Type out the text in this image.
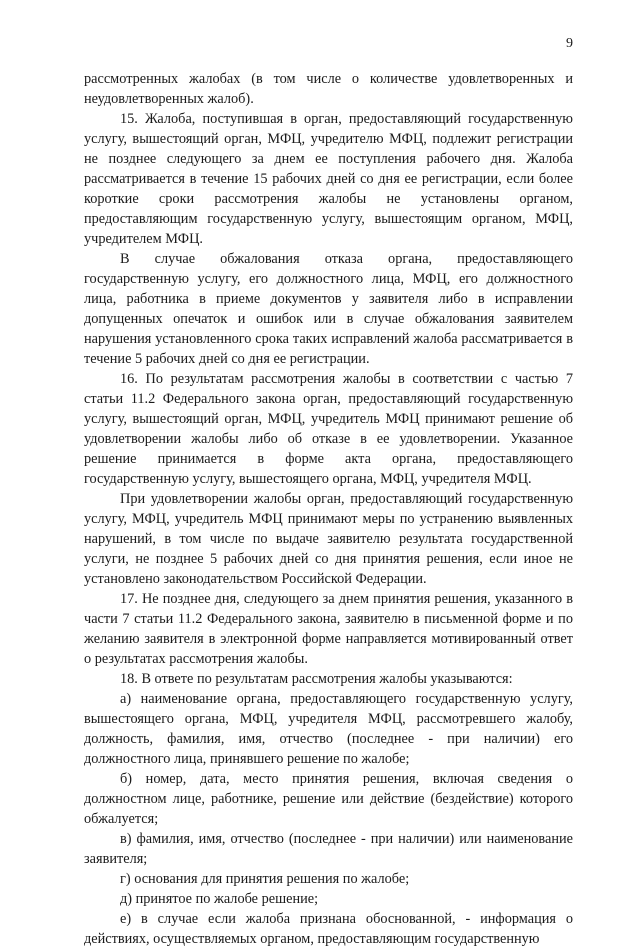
9

рассмотренных жалобах (в том числе о количестве удовлетворенных и неудовлетворенных жалоб).

15. Жалоба, поступившая в орган, предоставляющий государственную услугу, вышестоящий орган, МФЦ, учредителю МФЦ, подлежит регистрации не позднее следующего за днем ее поступления рабочего дня. Жалоба рассматривается в течение 15 рабочих дней со дня ее регистрации, если более короткие сроки рассмотрения жалобы не установлены органом, предоставляющим государственную услугу, вышестоящим органом, МФЦ, учредителем МФЦ.

В случае обжалования отказа органа, предоставляющего государственную услугу, его должностного лица, МФЦ, его должностного лица, работника в приеме документов у заявителя либо в исправлении допущенных опечаток и ошибок или в случае обжалования заявителем нарушения установленного срока таких исправлений жалоба рассматривается в течение 5 рабочих дней со дня ее регистрации.

16. По результатам рассмотрения жалобы в соответствии с частью 7 статьи 11.2 Федерального закона орган, предоставляющий государственную услугу, вышестоящий орган, МФЦ, учредитель МФЦ принимают решение об удовлетворении жалобы либо об отказе в ее удовлетворении. Указанное решение принимается в форме акта органа, предоставляющего государственную услугу, вышестоящего органа, МФЦ, учредителя МФЦ.

При удовлетворении жалобы орган, предоставляющий государственную услугу, МФЦ, учредитель МФЦ принимают меры по устранению выявленных нарушений, в том числе по выдаче заявителю результата государственной услуги, не позднее 5 рабочих дней со дня принятия решения, если иное не установлено законодательством Российской Федерации.

17. Не позднее дня, следующего за днем принятия решения, указанного в части 7 статьи 11.2 Федерального закона, заявителю в письменной форме и по желанию заявителя в электронной форме направляется мотивированный ответ о результатах рассмотрения жалобы.

18. В ответе по результатам рассмотрения жалобы указываются:

а) наименование органа, предоставляющего государственную услугу, вышестоящего органа, МФЦ, учредителя МФЦ, рассмотревшего жалобу, должность, фамилия, имя, отчество (последнее - при наличии) его должностного лица, принявшего решение по жалобе;

б) номер, дата, место принятия решения, включая сведения о должностном лице, работнике, решение или действие (бездействие) которого обжалуется;

в) фамилия, имя, отчество (последнее - при наличии) или наименование заявителя;

г) основания для принятия решения по жалобе;

д) принятое по жалобе решение;

е) в случае если жалоба признана обоснованной, - информация о действиях, осуществляемых органом, предоставляющим государственную
